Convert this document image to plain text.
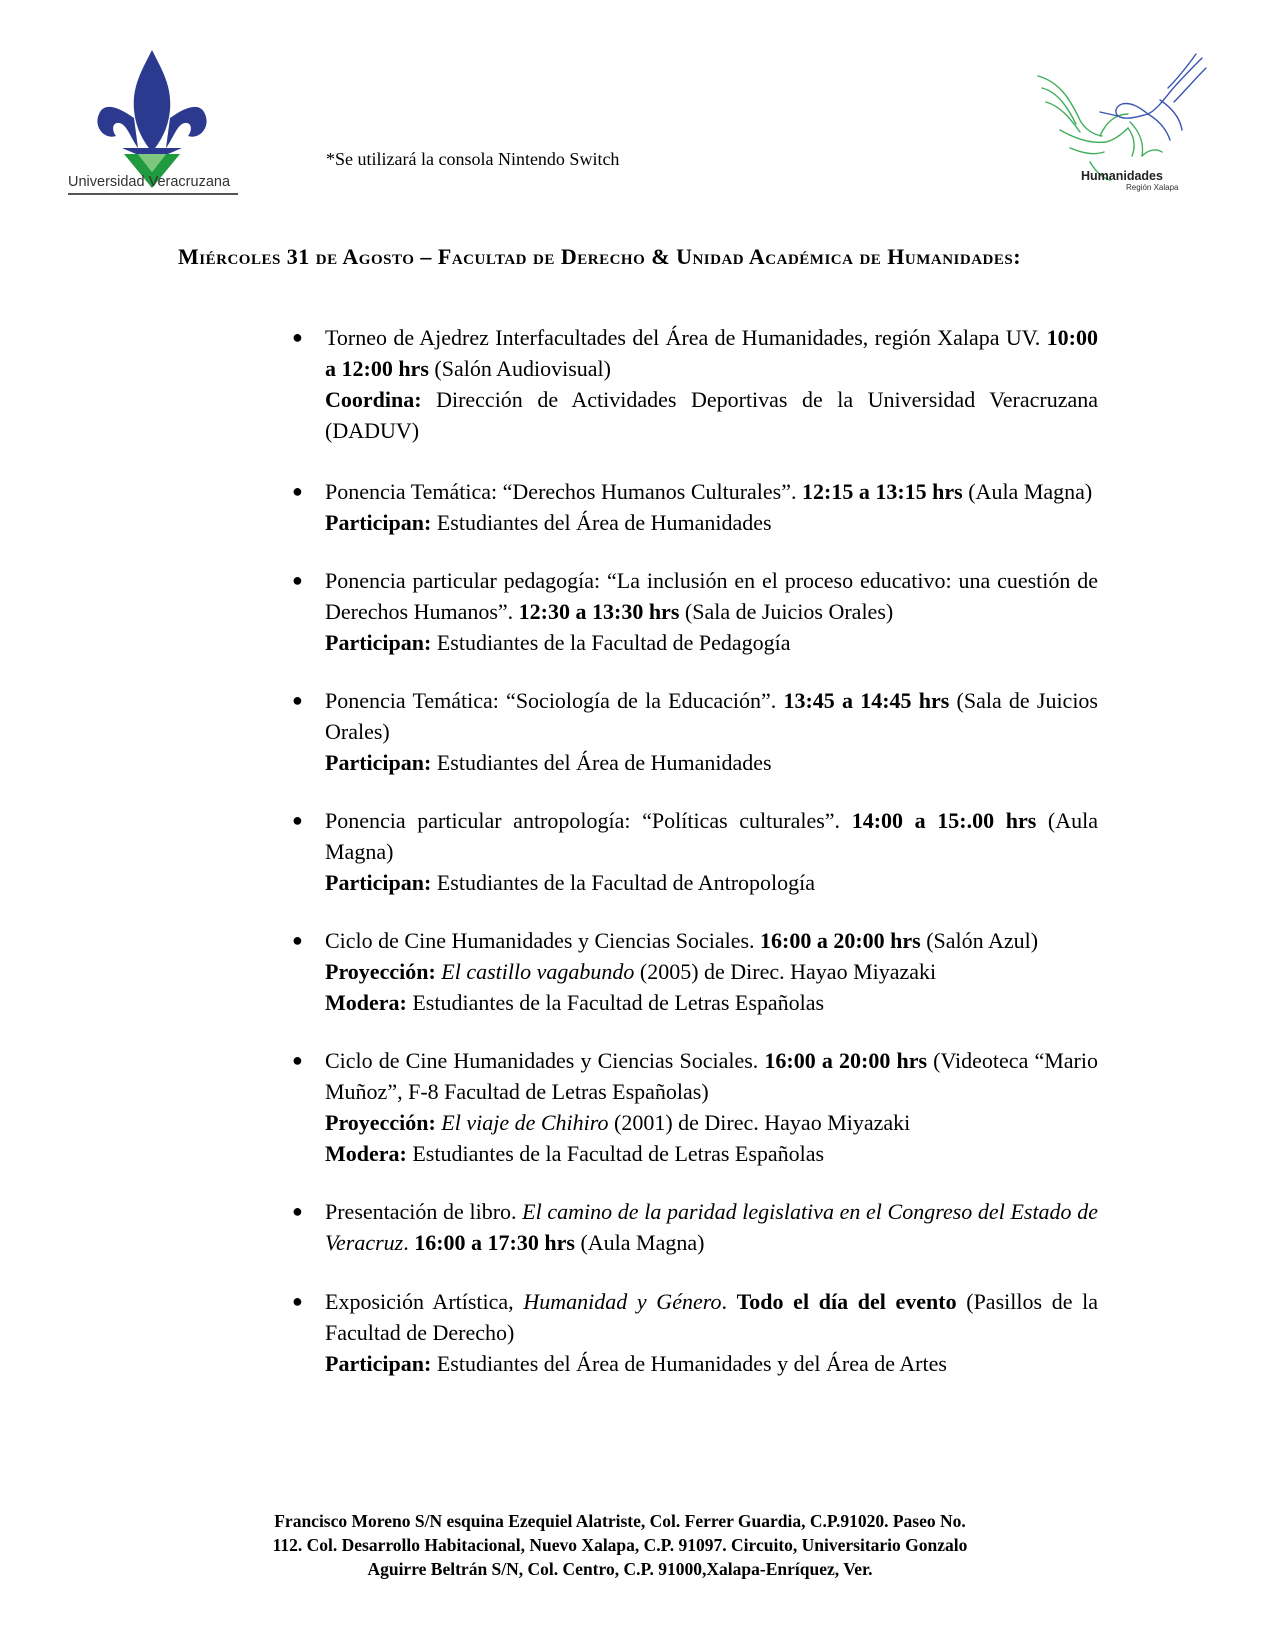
Universidad Veracruzana
*Se utilizará la consola Nintendo Switch
Humanidades
Región Xalapa
Miércoles 31 de Agosto – Facultad de Derecho & Unidad Académica de Humanidades:
● Torneo de Ajedrez Interfacultades del Área de Humanidades, región Xalapa UV. 10:00 a 12:00 hrs (Salón Audiovisual)
Coordina: Dirección de Actividades Deportivas de la Universidad Veracruzana (DADUV)
● Ponencia Temática: “Derechos Humanos Culturales”. 12:15 a 13:15 hrs (Aula Magna)
Participan: Estudiantes del Área de Humanidades
● Ponencia particular pedagogía: “La inclusión en el proceso educativo: una cuestión de Derechos Humanos”. 12:30 a 13:30 hrs (Sala de Juicios Orales)
Participan: Estudiantes de la Facultad de Pedagogía
● Ponencia Temática: “Sociología de la Educación”. 13:45 a 14:45 hrs (Sala de Juicios Orales)
Participan: Estudiantes del Área de Humanidades
● Ponencia particular antropología: “Políticas culturales”. 14:00 a 15:.00 hrs (Aula Magna)
Participan: Estudiantes de la Facultad de Antropología
● Ciclo de Cine Humanidades y Ciencias Sociales. 16:00 a 20:00 hrs (Salón Azul)
Proyección: El castillo vagabundo (2005) de Direc. Hayao Miyazaki
Modera: Estudiantes de la Facultad de Letras Españolas
● Ciclo de Cine Humanidades y Ciencias Sociales. 16:00 a 20:00 hrs (Videoteca “Mario Muñoz”, F-8 Facultad de Letras Españolas)
Proyección: El viaje de Chihiro (2001) de Direc. Hayao Miyazaki
Modera: Estudiantes de la Facultad de Letras Españolas
● Presentación de libro. El camino de la paridad legislativa en el Congreso del Estado de Veracruz. 16:00 a 17:30 hrs (Aula Magna)
● Exposición Artística, Humanidad y Género. Todo el día del evento (Pasillos de la Facultad de Derecho)
Participan: Estudiantes del Área de Humanidades y del Área de Artes
Francisco Moreno S/N esquina Ezequiel Alatriste, Col. Ferrer Guardia, C.P.91020. Paseo No.
112. Col. Desarrollo Habitacional, Nuevo Xalapa, C.P. 91097. Circuito, Universitario Gonzalo
Aguirre Beltrán S/N, Col. Centro, C.P. 91000,Xalapa-Enríquez, Ver.
